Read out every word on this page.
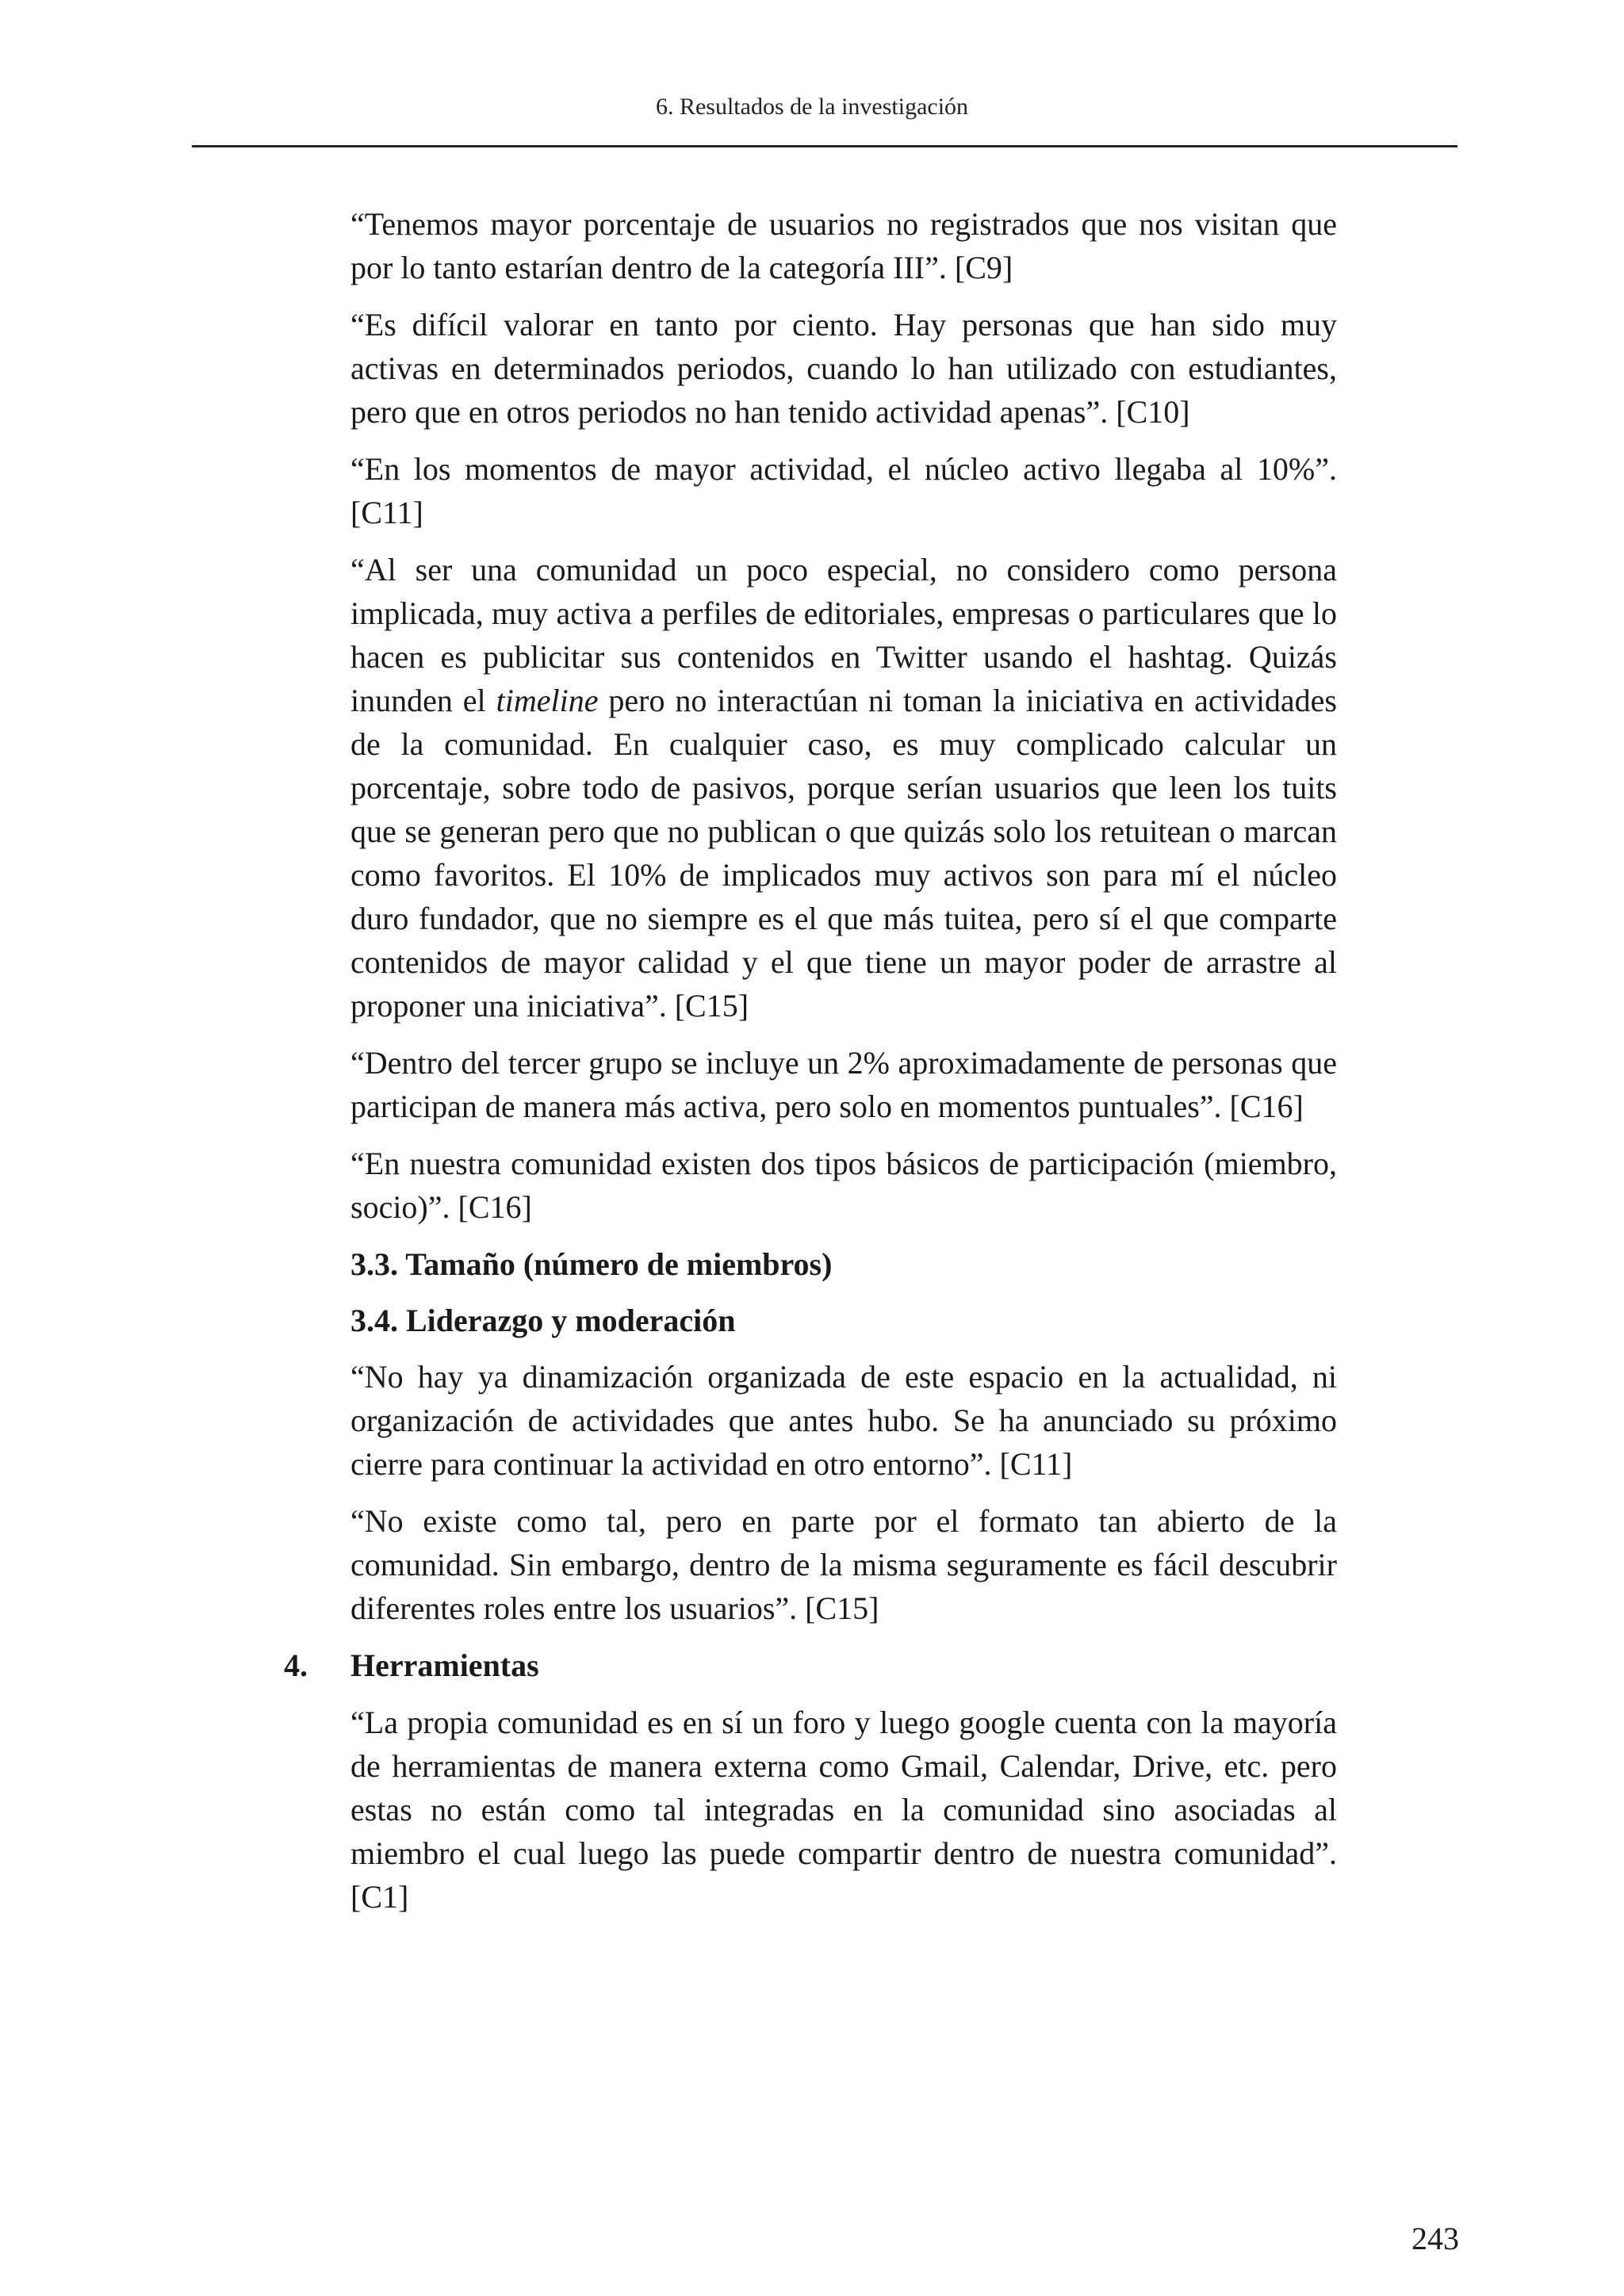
6. Resultados de la investigación

“Tenemos mayor porcentaje de usuarios no registrados que nos visitan que por lo tanto estarían dentro de la categoría III”. [C9]

“Es difícil valorar en tanto por ciento. Hay personas que han sido muy activas en determinados periodos, cuando lo han utilizado con estudiantes, pero que en otros periodos no han tenido actividad apenas”. [C10]

“En los momentos de mayor actividad, el núcleo activo llegaba al 10%”. [C11]

“Al ser una comunidad un poco especial, no considero como persona implicada, muy activa a perfiles de editoriales, empresas o particulares que lo hacen es publicitar sus contenidos en Twitter usando el hashtag. Quizás inunden el timeline pero no interactúan ni toman la iniciativa en actividades de la comunidad. En cualquier caso, es muy complicado calcular un porcentaje, sobre todo de pasivos, porque serían usuarios que leen los tuits que se generan pero que no publican o que quizás solo los retuitean o marcan como favoritos. El 10% de implicados muy activos son para mí el núcleo duro fundador, que no siempre es el que más tuitea, pero sí el que comparte contenidos de mayor calidad y el que tiene un mayor poder de arrastre al proponer una iniciativa”. [C15]

“Dentro del tercer grupo se incluye un 2% aproximadamente de personas que participan de manera más activa, pero solo en momentos puntuales”. [C16]

“En nuestra comunidad existen dos tipos básicos de participación (miembro, socio)”. [C16]

3.3. Tamaño (número de miembros)
3.4. Liderazgo y moderación

“No hay ya dinamización organizada de este espacio en la actualidad, ni organización de actividades que antes hubo. Se ha anunciado su próximo cierre para continuar la actividad en otro entorno”. [C11]

“No existe como tal, pero en parte por el formato tan abierto de la comunidad. Sin embargo, dentro de la misma seguramente es fácil descubrir diferentes roles entre los usuarios”. [C15]

4. Herramientas

“La propia comunidad es en sí un foro y luego google cuenta con la mayoría de herramientas de manera externa como Gmail, Calendar, Drive, etc. pero estas no están como tal integradas en la comunidad sino asociadas al miembro el cual luego las puede compartir dentro de nuestra comunidad”. [C1]

243
